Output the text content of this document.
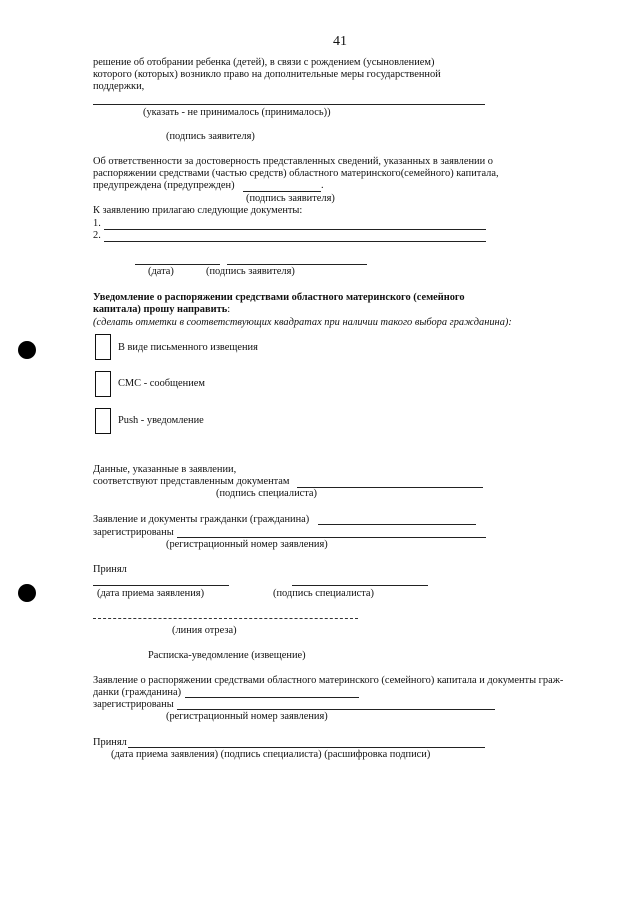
41
решение об отобрании ребенка (детей), в связи с рождением (усыновлением)
которого (которых) возникло право на дополнительные меры государственной
поддержки,
(указать - не принималось (принималось))
(подпись заявителя)
Об ответственности за достоверность представленных сведений, указанных в заявлении о
распоряжении средствами (частью средств) областного материнского(семейного) капитала,
предупреждена (предупрежден)	.
(подпись заявителя)
К заявлению прилагаю следующие документы:
1.
2.
(дата)	(подпись заявителя)
Уведомление о распоряжении средствами областного материнского (семейного
капитала) прошу направить:
(сделать отметки в соответствующих квадратах при наличии такого выбора гражданина):
В виде письменного извещения
СМС - сообщением
Push - уведомление
Данные, указанные в заявлении,
соответствуют представленным документам
(подпись специалиста)
Заявление и документы гражданки (гражданина)
зарегистрированы
(регистрационный номер заявления)
Принял
(дата приема заявления)	(подпись специалиста)
(линия отреза)
Расписка-уведомление (извещение)
Заявление о распоряжении средствами областного материнского (семейного) капитала и документы граж-
данки (гражданина)
зарегистрированы
(регистрационный номер заявления)
Принял
(дата приема заявления) (подпись специалиста) (расшифровка подписи)
